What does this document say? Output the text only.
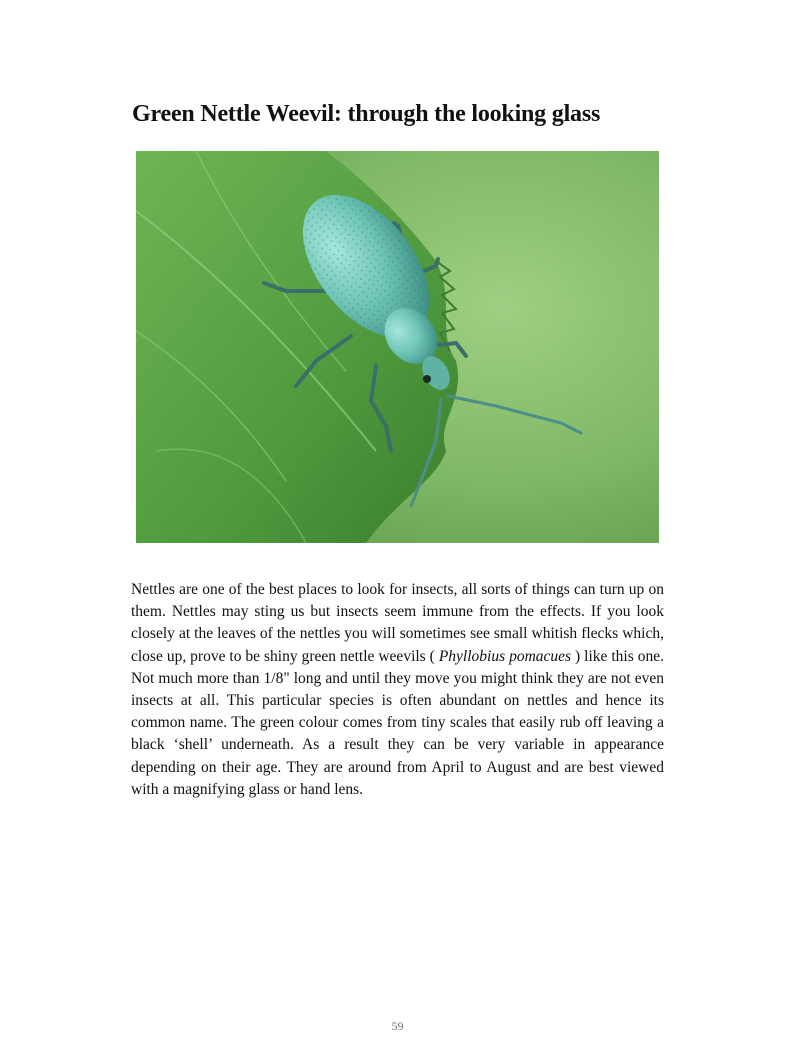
Green Nettle Weevil: through the looking glass

Nettles are one of the best places to look for insects, all sorts of things can turn up on them. Nettles may sting us but insects seem immune from the effects. If you look closely at the leaves of the nettles you will sometimes see small whitish flecks which, close up, prove to be shiny green nettle weevils ( Phyllobius pomacues ) like this one. Not much more than 1/8" long and until they move you might think they are not even insects at all. This particular species is often abundant on nettles and hence its common name. The green colour comes from tiny scales that easily rub off leaving a black ‘shell’ underneath. As a result they can be very variable in appearance depending on their age. They are around from April to August and are best viewed with a magnifying glass or hand lens.

59
